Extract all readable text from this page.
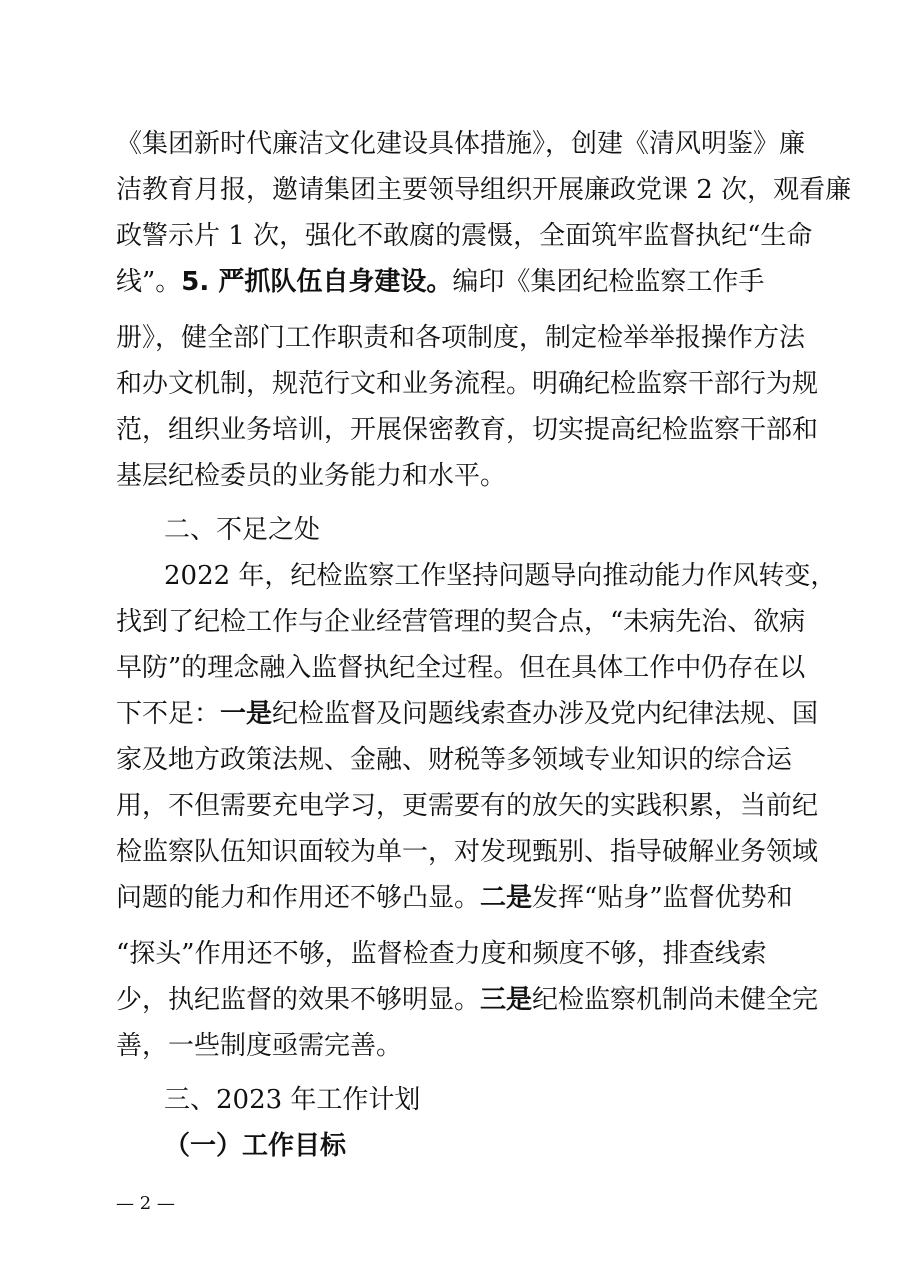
《集团新时代廉洁文化建设具体措施》，创建《清风明鉴》廉
洁教育月报，邀请集团主要领导组织开展廉政党课 2 次，观看廉
政警示片 1 次，强化不敢腐的震慑，全面筑牢监督执纪“生命
线”。5. 严抓队伍自身建设。编印《集团纪检监察工作手
册》，健全部门工作职责和各项制度，制定检举举报操作方法
和办文机制，规范行文和业务流程。明确纪检监察干部行为规
范，组织业务培训，开展保密教育，切实提高纪检监察干部和
基层纪检委员的业务能力和水平。
二、不足之处
2022 年，纪检监察工作坚持问题导向推动能力作风转变，
找到了纪检工作与企业经营管理的契合点，“未病先治、欲病
早防”的理念融入监督执纪全过程。但在具体工作中仍存在以
下不足：一是纪检监督及问题线索查办涉及党内纪律法规、国
家及地方政策法规、金融、财税等多领域专业知识的综合运
用，不但需要充电学习，更需要有的放矢的实践积累，当前纪
检监察队伍知识面较为单一，对发现甄别、指导破解业务领域
问题的能力和作用还不够凸显。二是发挥“贴身”监督优势和
“探头”作用还不够，监督检查力度和频度不够，排查线索
少，执纪监督的效果不够明显。三是纪检监察机制尚未健全完
善，一些制度亟需完善。
三、2023 年工作计划
（一）工作目标
— 2 —
